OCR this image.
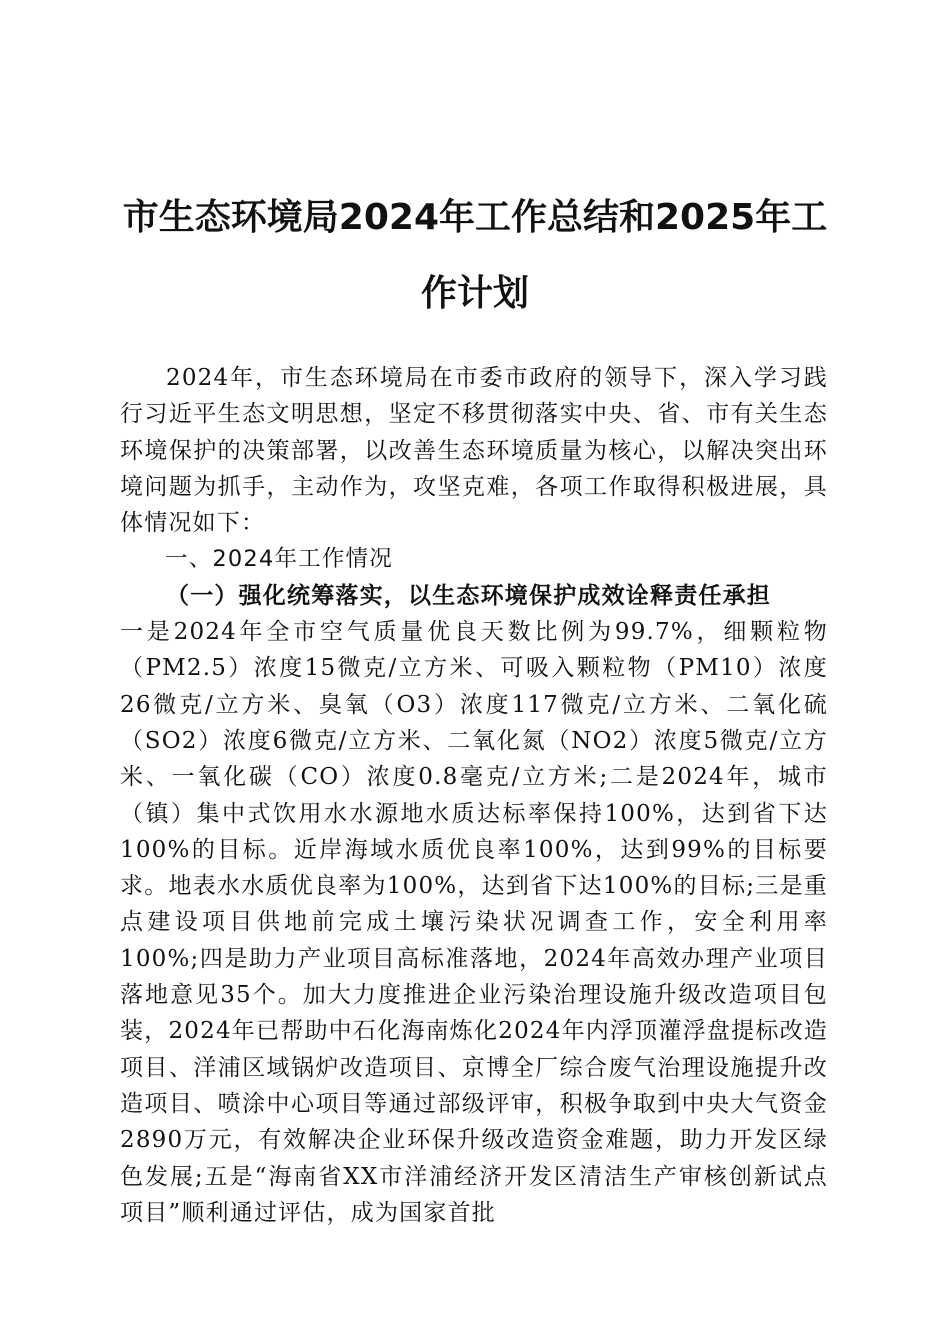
市生态环境局2024年工作总结和2025年工作计划

2024年，市生态环境局在市委市政府的领导下，深入学习践行习近平生态文明思想，坚定不移贯彻落实中央、省、市有关生态环境保护的决策部署，以改善生态环境质量为核心，以解决突出环境问题为抓手，主动作为，攻坚克难，各项工作取得积极进展，具体情况如下：

一、2024年工作情况

（一）强化统筹落实，以生态环境保护成效诠释责任承担

一是2024年全市空气质量优良天数比例为99.7%，细颗粒物（PM2.5）浓度15微克/立方米、可吸入颗粒物（PM10）浓度26微克/立方米、臭氧（O3）浓度117微克/立方米、二氧化硫（SO2）浓度6微克/立方米、二氧化氮（NO2）浓度5微克/立方米、一氧化碳（CO）浓度0.8毫克/立方米;二是2024年，城市（镇）集中式饮用水水源地水质达标率保持100%，达到省下达100%的目标。近岸海域水质优良率100%，达到99%的目标要求。地表水水质优良率为100%，达到省下达100%的目标;三是重点建设项目供地前完成土壤污染状况调查工作，安全利用率100%;四是助力产业项目高标准落地，2024年高效办理产业项目落地意见35个。加大力度推进企业污染治理设施升级改造项目包装，2024年已帮助中石化海南炼化2024年内浮顶灌浮盘提标改造项目、洋浦区域锅炉改造项目、京博全厂综合废气治理设施提升改造项目、喷涂中心项目等通过部级评审，积极争取到中央大气资金2890万元，有效解决企业环保升级改造资金难题，助力开发区绿色发展;五是“海南省XX市洋浦经济开发区清洁生产审核创新试点项目”顺利通过评估，成为国家首批
